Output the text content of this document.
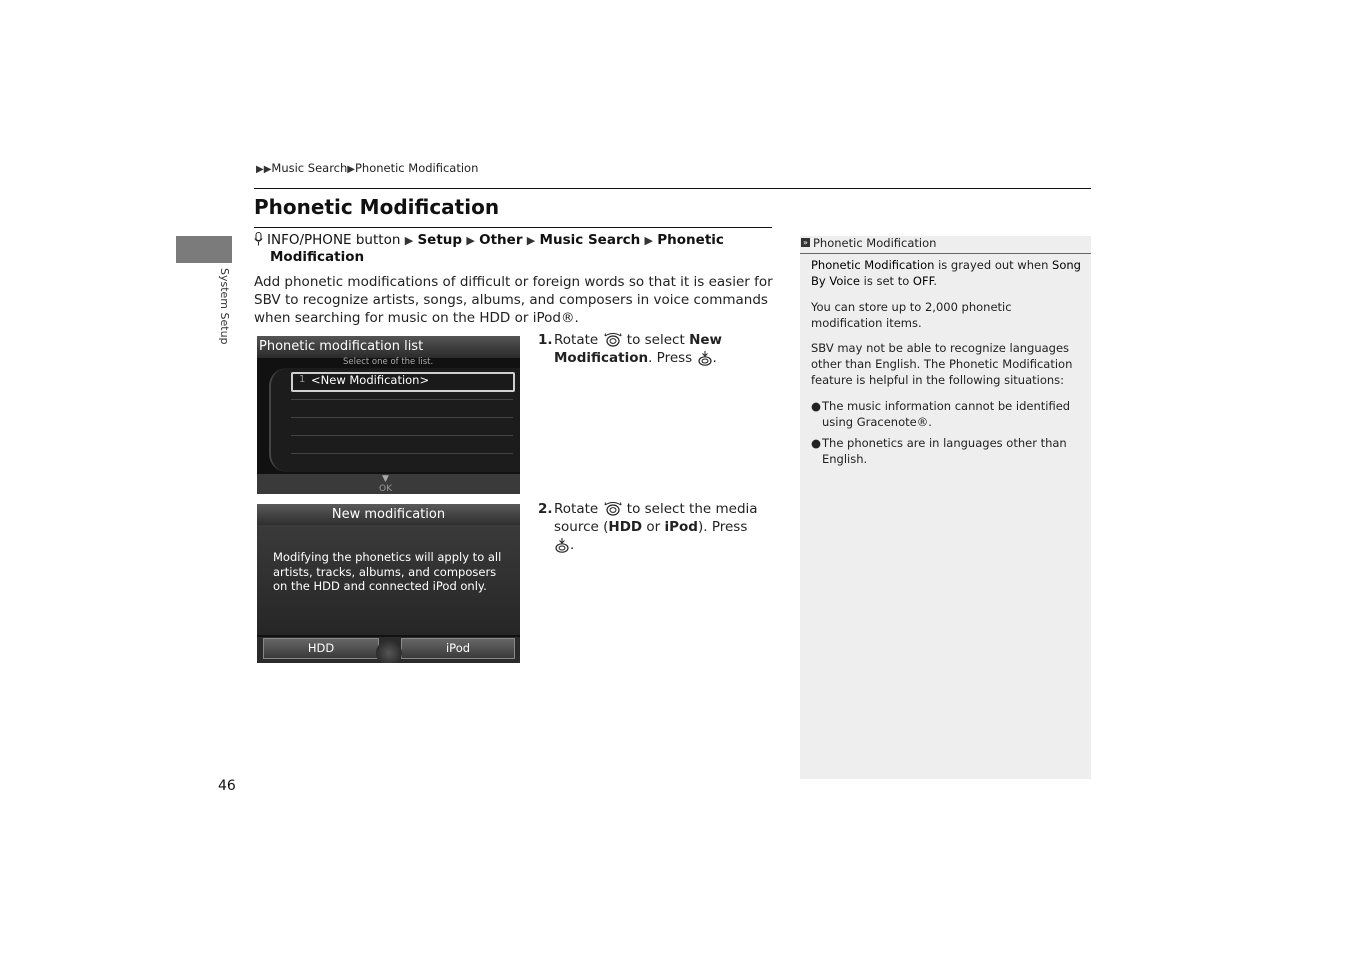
▶▶Music Search▶Phonetic Modification
Phonetic Modification
System Setup
INFO/PHONE button ▶ Setup ▶ Other ▶ Music Search ▶ Phonetic
Modification
Add phonetic modifications of difficult or foreign words so that it is easier for SBV to recognize artists, songs, albums, and composers in voice commands when searching for music on the HDD or iPod®.
Phonetic modification list
Select one of the list.
1 <New Modification>
▼
OK
New modification
Modifying the phonetics will apply to all artists, tracks, albums, and composers on the HDD and connected iPod only.
HDD	iPod
1.Rotate to select New
Modification. Press .
2.Rotate to select the media
source (HDD or iPod). Press .
» Phonetic Modification
Phonetic Modification is grayed out when Song By Voice is set to OFF.
You can store up to 2,000 phonetic modification items.
SBV may not be able to recognize languages other than English. The Phonetic Modification feature is helpful in the following situations:
● The music information cannot be identified using Gracenote®.
● The phonetics are in languages other than English.
46
